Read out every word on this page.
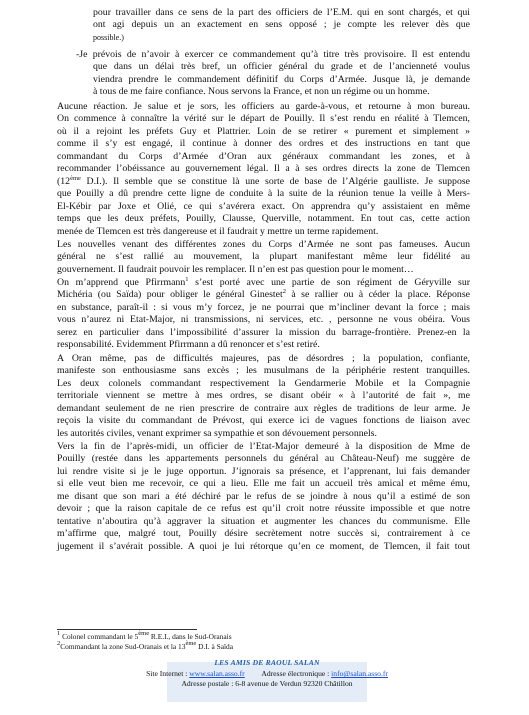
pour travailler dans ce sens de la part des officiers de l’E.M. qui en sont chargés, et qui
ont agi depuis un an exactement en sens opposé ; je compte les relever dès que
possible.)
-Je prévois de n’avoir à exercer ce commandement qu’à titre très provisoire. Il est entendu
que dans un délai très bref, un officier général du grade et de l’ancienneté voulus
viendra prendre le commandement définitif du Corps d’Armée. Jusque là, je demande
à tous de me faire confiance. Nous servons la France, et non un régime ou un homme.
Aucune réaction. Je salue et je sors, les officiers au garde-à-vous, et retourne à mon bureau.
On commence à connaître la vérité sur le départ de Pouilly. Il s’est rendu en réalité à Tlemcen,
où il a rejoint les préfets Guy et Plattrier. Loin de se retirer « purement et simplement »
comme il s’y est engagé, il continue à donner des ordres et des instructions en tant que
commandant du Corps d’Armée d’Oran aux généraux commandant les zones, et à
recommander l’obéissance au gouvernement légal. Il a à ses ordres directs la zone de Tlemcen
(12ème D.I.). Il semble que se constitue là une sorte de base de l’Algérie gaulliste. Je suppose
que Pouilly a dû prendre cette ligne de conduite à la suite de la réunion tenue la veille à Mers-
El-Kébir par Joxe et Olié, ce qui s’avérera exact. On apprendra qu’y assistaient en même
temps que les deux préfets, Pouilly, Clausse, Querville, notamment. En tout cas, cette action
menée de Tlemcen est très dangereuse et il faudrait y mettre un terme rapidement.
Les nouvelles venant des différentes zones du Corps d’Armée ne sont pas fameuses. Aucun
général ne s’est rallié au mouvement, la plupart manifestant même leur fidélité au
gouvernement. Il faudrait pouvoir les remplacer. Il n’en est pas question pour le moment…
On m’apprend que Pfirrmann$^1$ s’est porté avec une partie de son régiment de Géryville sur
Michéria (ou Saïda) pour obliger le général Ginestet$^2$ à se rallier ou à céder la place. Réponse
en substance, paraît-il : si vous m’y forcez, je ne pourrai que m’incliner devant la force ; mais
vous n’aurez ni Etat-Major, ni transmissions, ni services, etc. , personne ne vous obéira. Vous
serez en particulier dans l’impossibilité d’assurer la mission du barrage-frontière. Prenez-en la
responsabilité. Evidemment Pfirrmann a dû renoncer et s’est retiré.
A Oran même, pas de difficultés majeures, pas de désordres ; la population, confiante,
manifeste son enthousiasme sans excès ; les musulmans de la périphérie restent tranquilles.
Les deux colonels commandant respectivement la Gendarmerie Mobile et la Compagnie
territoriale viennent se mettre à mes ordres, se disant obéir « à l’autorité de fait », me
demandant seulement de ne rien prescrire de contraire aux règles de traditions de leur arme. Je
reçois la visite du commandant de Prévost, qui exerce ici de vagues fonctions de liaison avec
les autorités civiles, venant exprimer sa sympathie et son dévouement personnels.
Vers la fin de l’après-midi, un officier de l’Etat-Major demeuré à la disposition de Mme de
Pouilly (restée dans les appartements personnels du général au Château-Neuf) me suggère de
lui rendre visite si je le juge opportun. J’ignorais sa présence, et l’apprenant, lui fais demander
si elle veut bien me recevoir, ce qui a lieu. Elle me fait un accueil très amical et même ému,
me disant que son mari a été déchiré par le refus de se joindre à nous qu’il a estimé de son
devoir ; que la raison capitale de ce refus est qu’il croit notre réussite impossible et que notre
tentative n’aboutira qu’à aggraver la situation et augmenter les chances du communisme. Elle
m’affirme que, malgré tout, Pouilly désire secrètement notre succès si, contrairement à ce
jugement il s’avérait possible. A quoi je lui rétorque qu’en ce moment, de Tlemcen, il fait tout
1 Colonel commandant le 5ème R.E.I., dans le Sud-Oranais
2Commandant la zone Sud-Oranais et la 13ème D.I. à Saïda
LES AMIS DE RAOUL SALAN
Site Internet : www.salan.asso.fr Adresse électronique : info@salan.asso.fr
Adresse postale : 6-8 avenue de Verdun 92320 Châtillon
